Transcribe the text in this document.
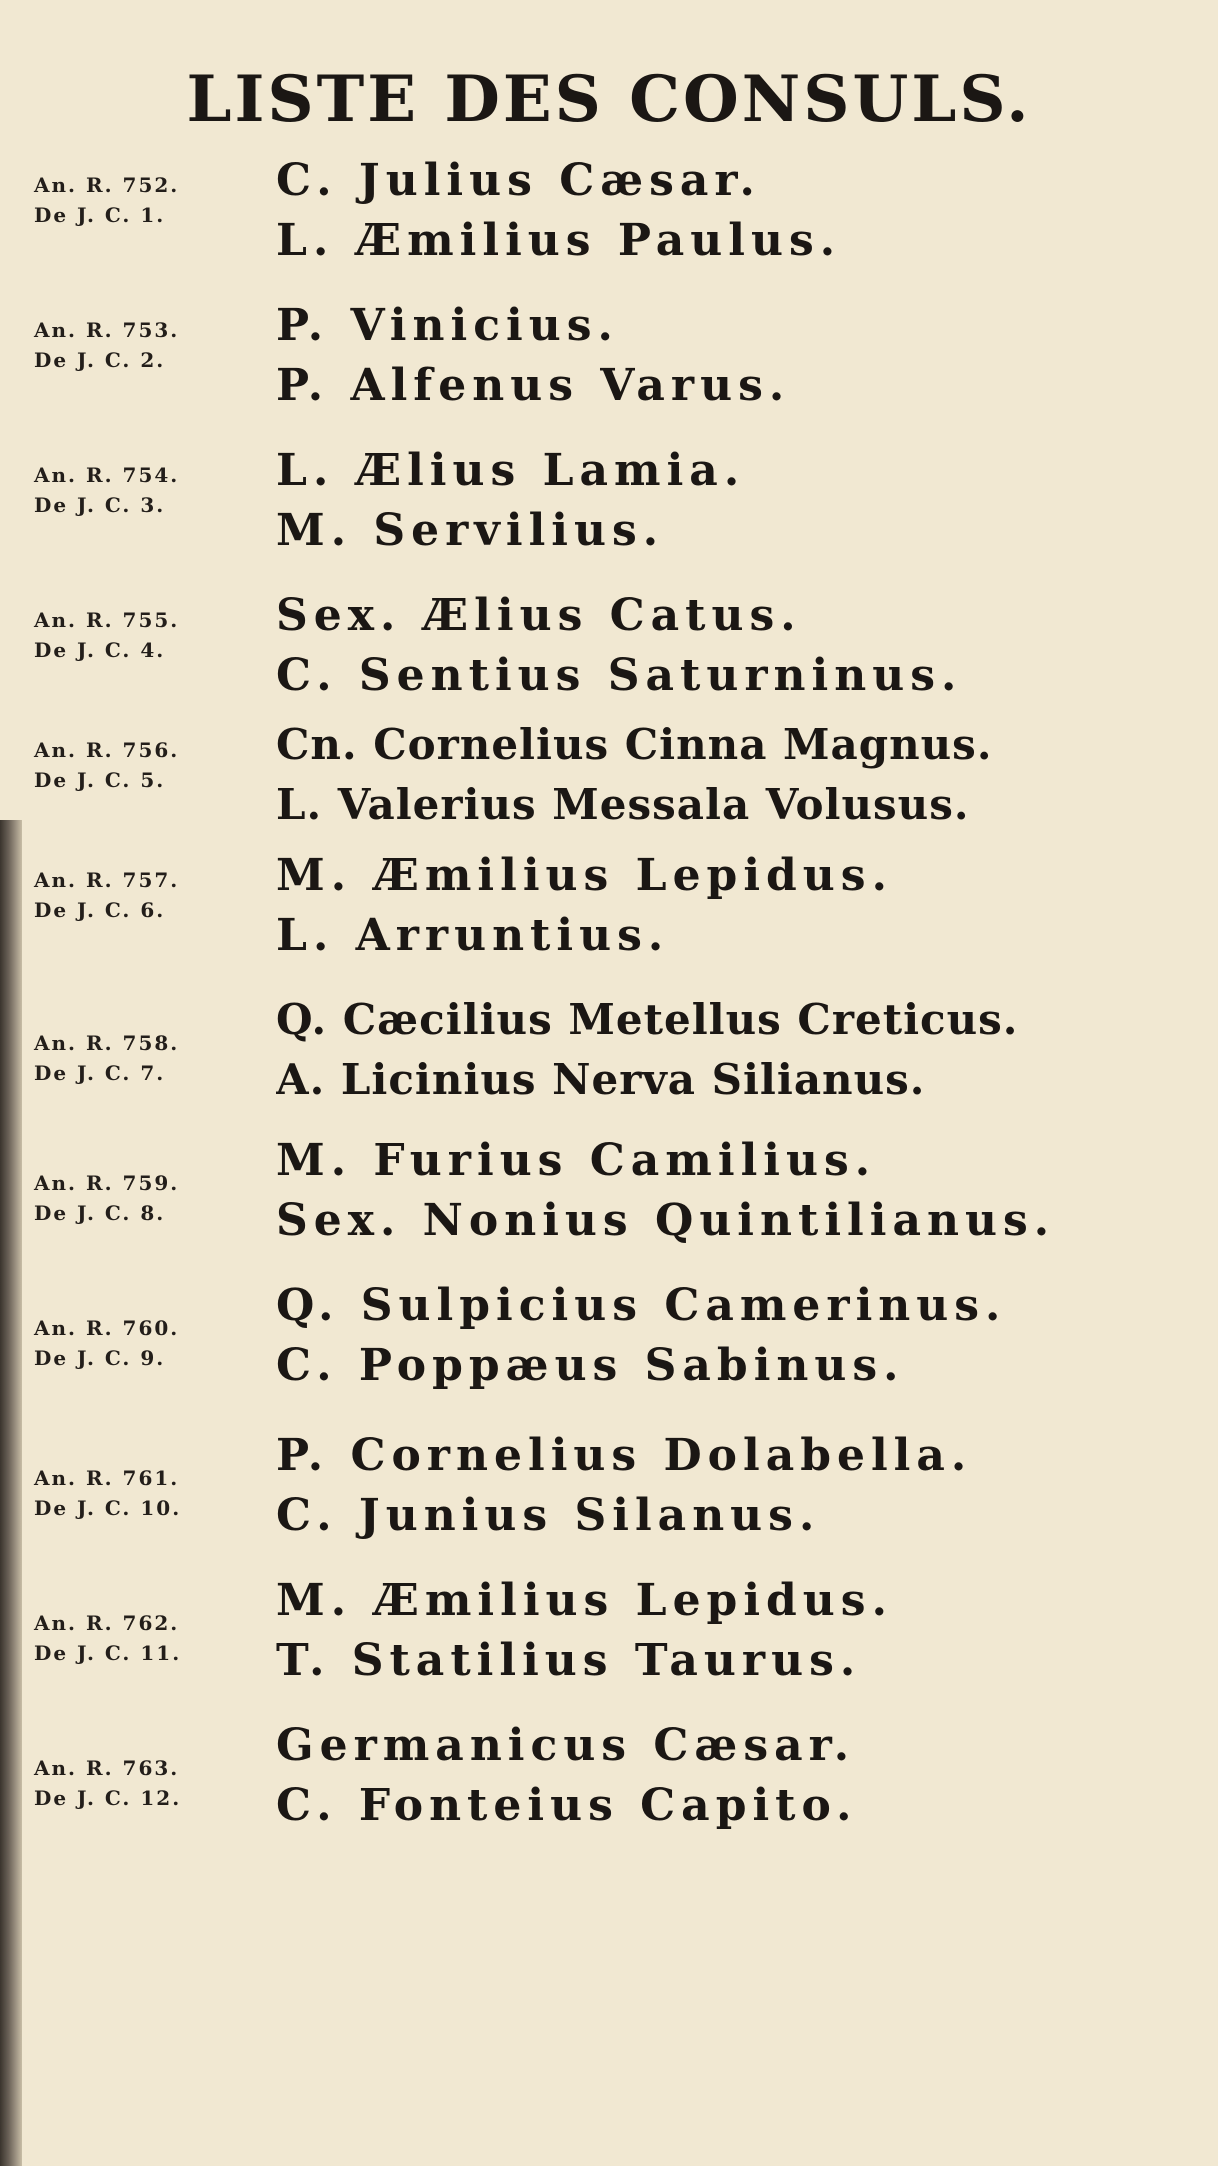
LISTE DES CONSULS.
An. R. 752.
De J. C. 1.
C. Julius Cæsar.
L. Æmilius Paulus.
An. R. 753.
De J. C. 2.
P. Vinicius.
P. Alfenus Varus.
An. R. 754.
De J. C. 3.
L. Ælius Lamia.
M. Servilius.
An. R. 755.
De J. C. 4.
Sex. Ælius Catus.
C. Sentius Saturninus.
An. R. 756.
De J. C. 5.
Cn. Cornelius Cinna Magnus.
L. Valerius Messala Volusus.
An. R. 757.
De J. C. 6.
M. Æmilius Lepidus.
L. Arruntius.
An. R. 758.
De J. C. 7.
Q. Cæcilius Metellus Creticus.
A. Licinius Nerva Silianus.
An. R. 759.
De J. C. 8.
M. Furius Camilius.
Sex. Nonius Quintilianus.
An. R. 760.
De J. C. 9.
Q. Sulpicius Camerinus.
C. Poppæus Sabinus.
An. R. 761.
De J. C. 10.
P. Cornelius Dolabella.
C. Junius Silanus.
An. R. 762.
De J. C. 11.
M. Æmilius Lepidus.
T. Statilius Taurus.
An. R. 763.
De J. C. 12.
Germanicus Cæsar.
C. Fonteius Capito.
